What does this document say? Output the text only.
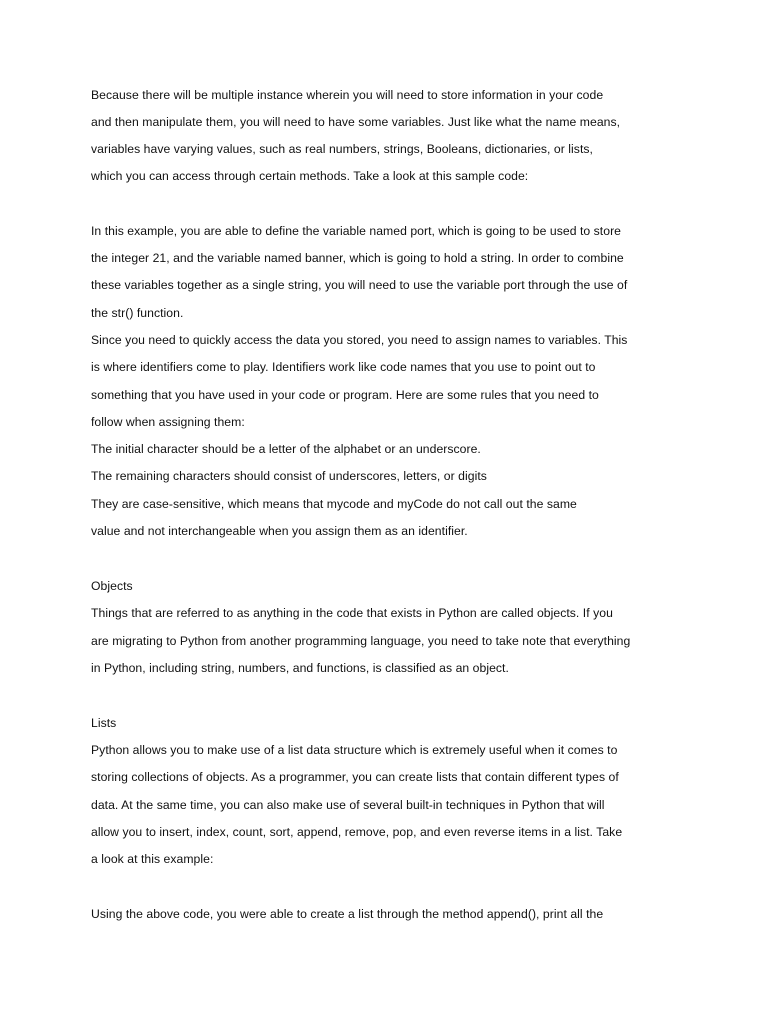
Because there will be multiple instance wherein you will need to store information in your code
and then manipulate them, you will need to have some variables. Just like what the name means,
variables have varying values, such as real numbers, strings, Booleans, dictionaries, or lists,
which you can access through certain methods. Take a look at this sample code:
In this example, you are able to define the variable named port, which is going to be used to store
the integer 21, and the variable named banner, which is going to hold a string. In order to combine
these variables together as a single string, you will need to use the variable port through the use of
the str() function.
Since you need to quickly access the data you stored, you need to assign names to variables. This
is where identifiers come to play. Identifiers work like code names that you use to point out to
something that you have used in your code or program. Here are some rules that you need to
follow when assigning them:
The initial character should be a letter of the alphabet or an underscore.
The remaining characters should consist of underscores, letters, or digits
They are case-sensitive, which means that mycode and myCode do not call out the same
value and not interchangeable when you assign them as an identifier.
Objects
Things that are referred to as anything in the code that exists in Python are called objects. If you
are migrating to Python from another programming language, you need to take note that everything
in Python, including string, numbers, and functions, is classified as an object.
Lists
Python allows you to make use of a list data structure which is extremely useful when it comes to
storing collections of objects. As a programmer, you can create lists that contain different types of
data. At the same time, you can also make use of several built-in techniques in Python that will
allow you to insert, index, count, sort, append, remove, pop, and even reverse items in a list. Take
a look at this example:
Using the above code, you were able to create a list through the method append(), print all the
